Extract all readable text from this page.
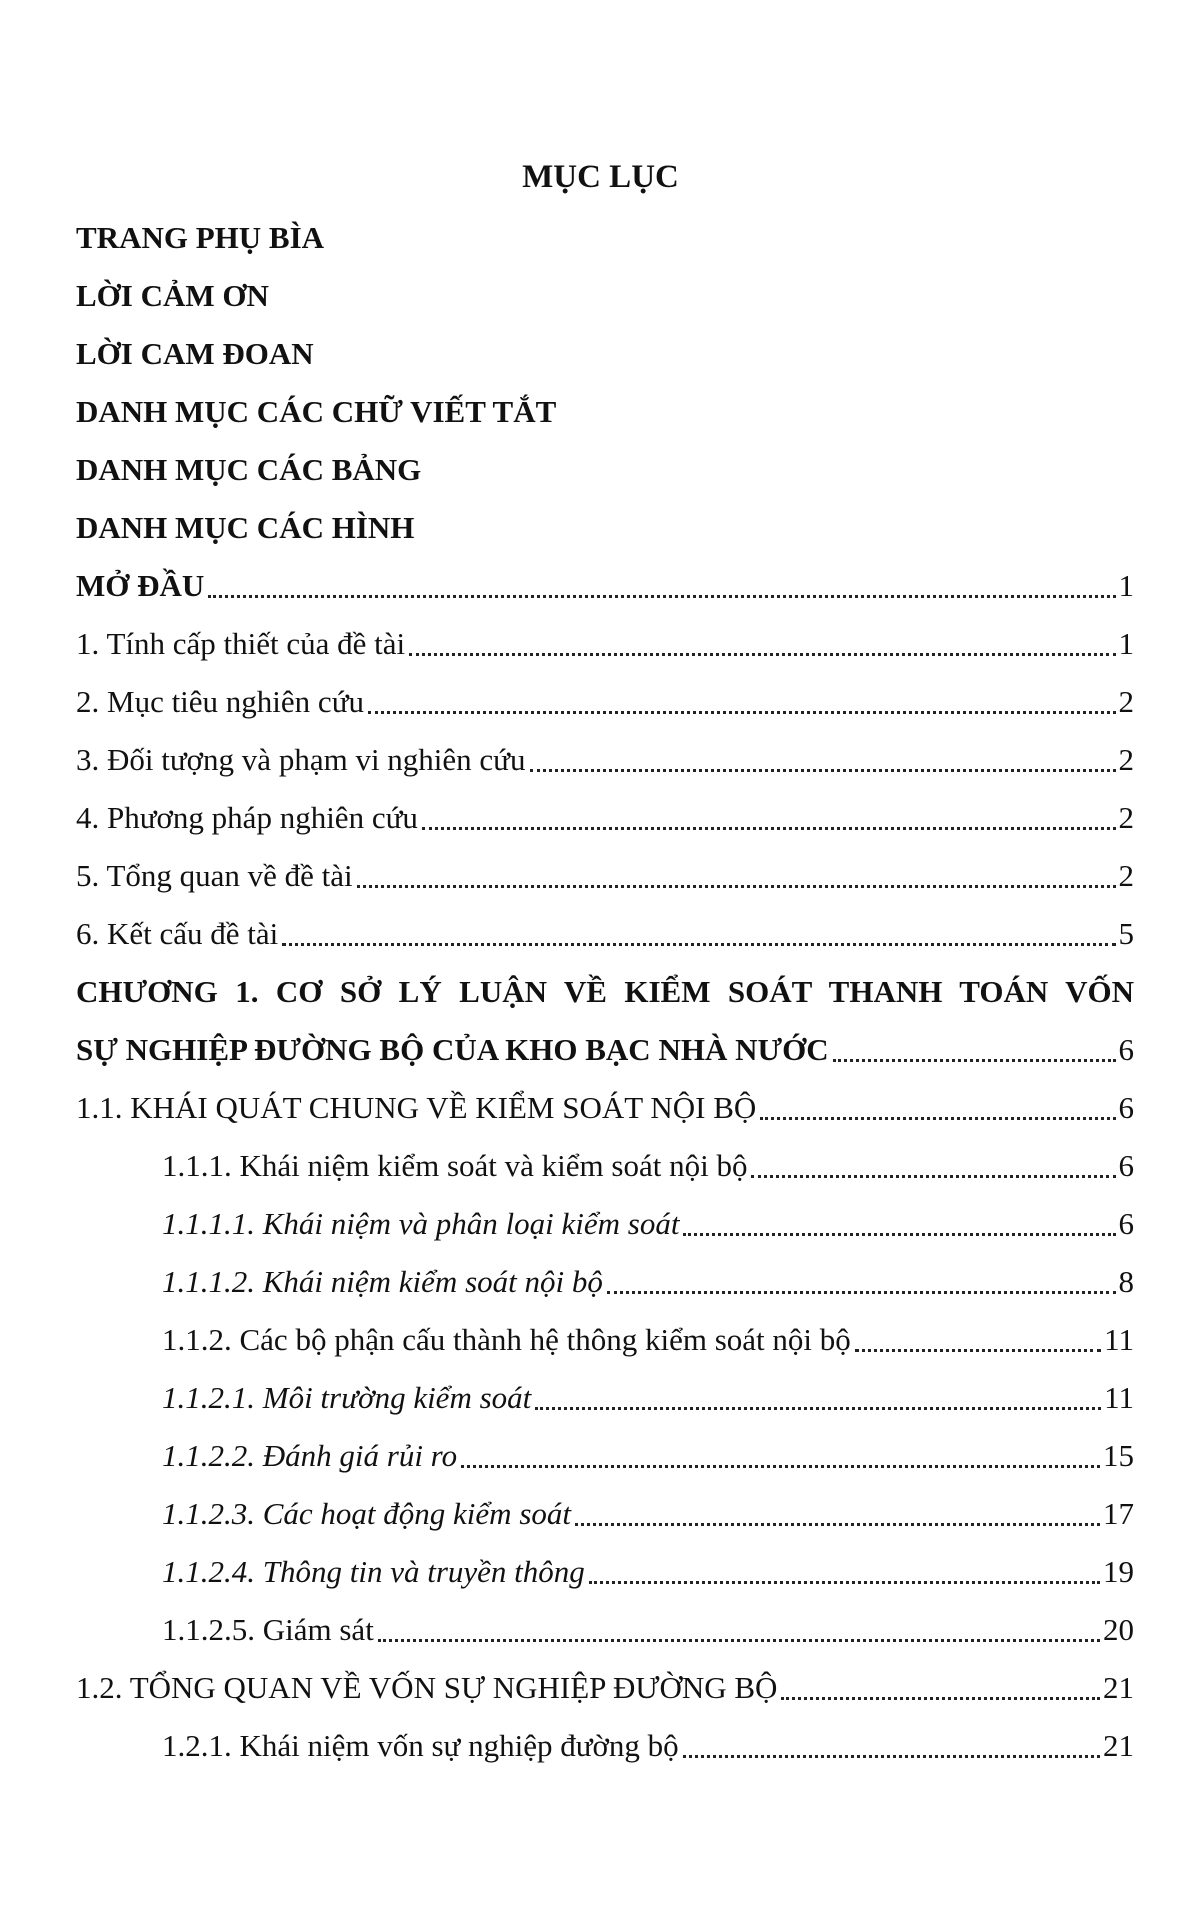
MỤC LỤC
TRANG PHỤ BÌA
LỜI CẢM ƠN
LỜI CAM ĐOAN
DANH MỤC CÁC CHỮ VIẾT TẮT
DANH MỤC CÁC BẢNG
DANH MỤC CÁC HÌNH
MỞ ĐẦU	1
1. Tính cấp thiết của đề tài	1
2. Mục tiêu nghiên cứu	2
3. Đối tượng và phạm vi nghiên cứu	2
4. Phương pháp nghiên cứu	2
5. Tổng quan về đề tài	2
6. Kết cấu đề tài	5
CHƯƠNG 1. CƠ SỞ LÝ LUẬN VỀ KIỂM SOÁT THANH TOÁN VỐN
SỰ NGHIỆP ĐƯỜNG BỘ CỦA KHO BẠC NHÀ NƯỚC	6
1.1. KHÁI QUÁT CHUNG VỀ KIỂM SOÁT NỘI BỘ	6
1.1.1. Khái niệm kiểm soát và kiểm soát nội bộ	6
1.1.1.1. Khái niệm và phân loại kiểm soát	6
1.1.1.2. Khái niệm kiểm soát nội bộ	8
1.1.2. Các bộ phận cấu thành hệ thông kiểm soát nội bộ	11
1.1.2.1. Môi trường kiểm soát	11
1.1.2.2. Đánh giá rủi ro	15
1.1.2.3. Các hoạt động kiểm soát	17
1.1.2.4. Thông tin và truyền thông	19
1.1.2.5. Giám sát	20
1.2. TỔNG QUAN VỀ VỐN SỰ NGHIỆP ĐƯỜNG BỘ	21
1.2.1. Khái niệm vốn sự nghiệp đường bộ	21
